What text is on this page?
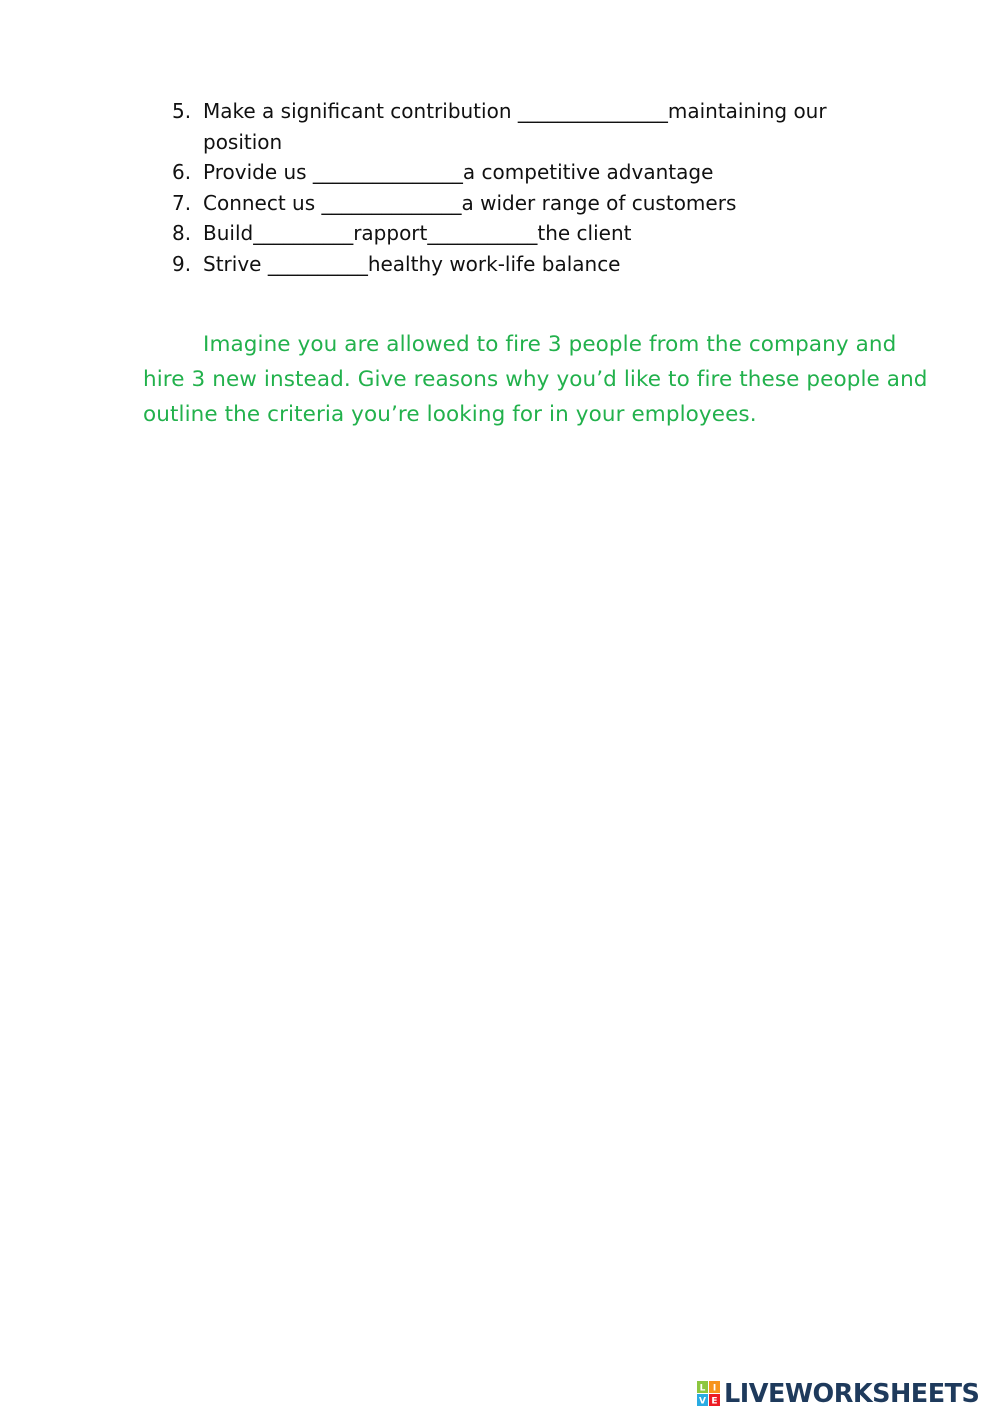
5. Make a significant contribution _______________maintaining our position
6. Provide us _______________a competitive advantage
7. Connect us ______________a wider range of customers
8. Build__________rapport___________the client
9. Strive __________healthy work-life balance

Imagine you are allowed to fire 3 people from the company and hire 3 new instead. Give reasons why you’d like to fire these people and outline the criteria you’re looking for in your employees.

L I
V E LIVEWORKSHEETS
